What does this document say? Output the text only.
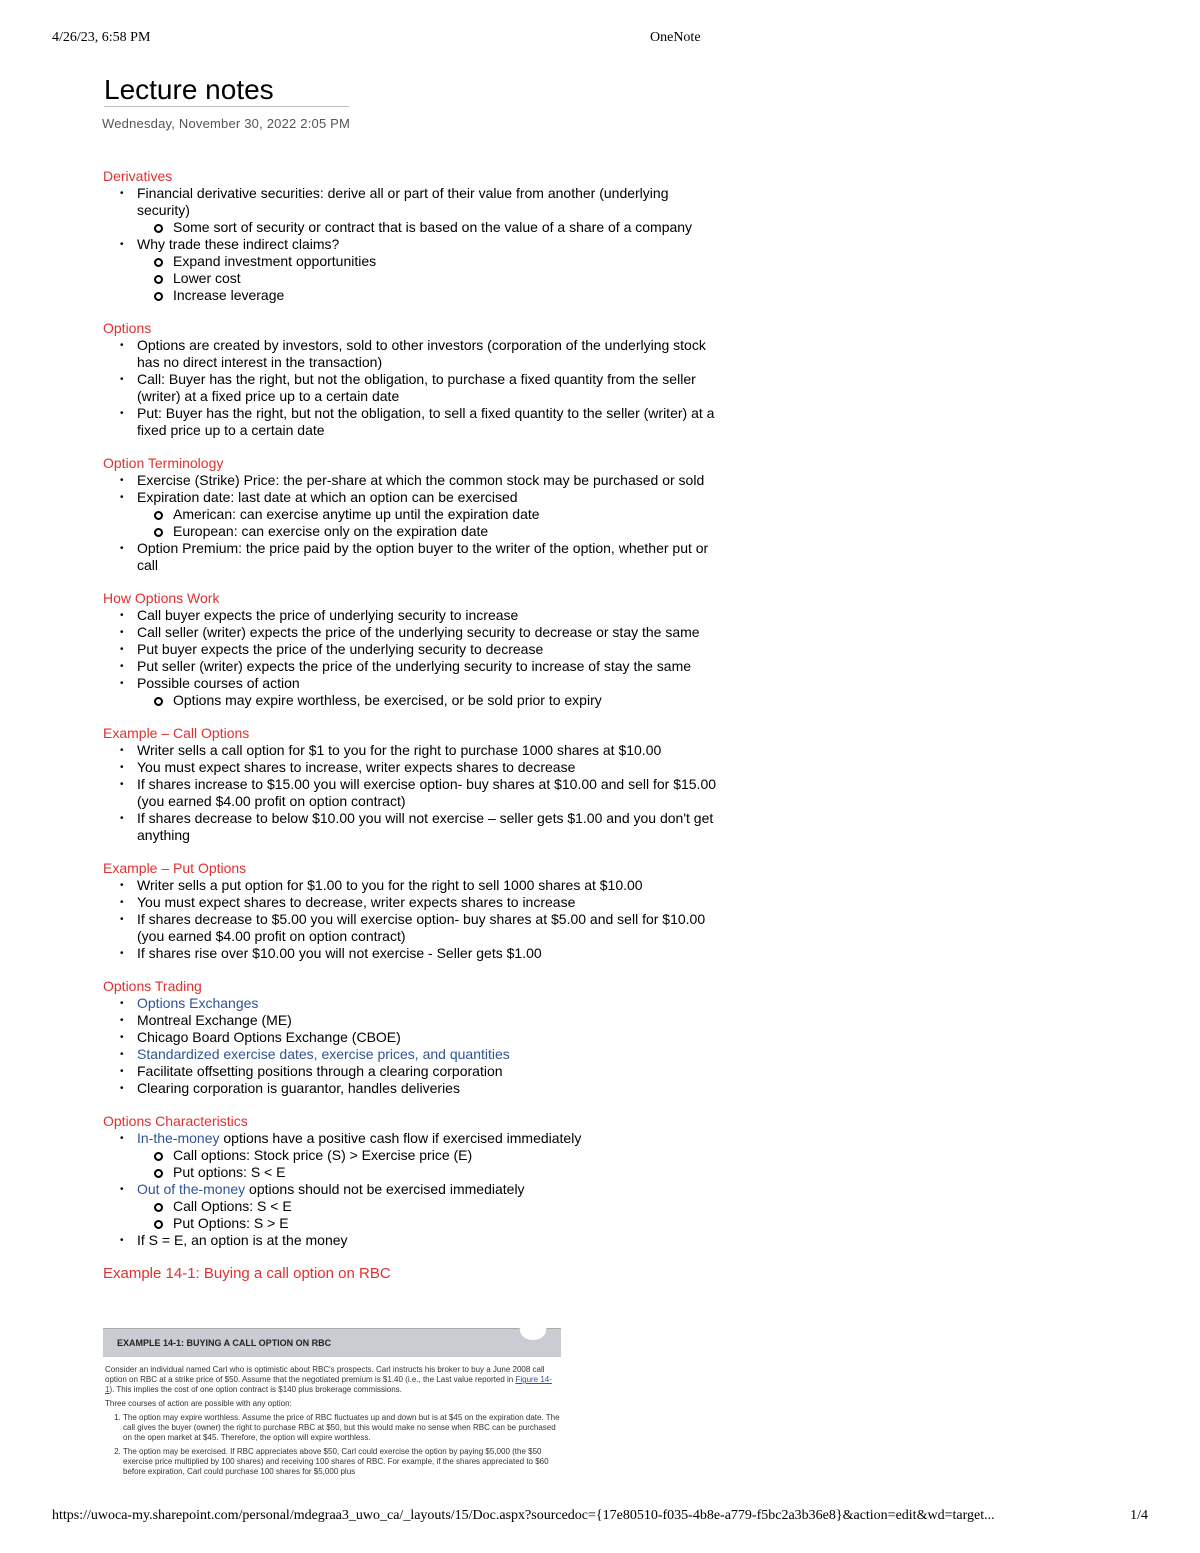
4/26/23, 6:58 PM	OneNote
Lecture notes
Wednesday, November 30, 2022 2:05 PM
Derivatives
• Financial derivative securities: derive all or part of their value from another (underlying security)
Some sort of security or contract that is based on the value of a share of a company
• Why trade these indirect claims?
Expand investment opportunities
Lower cost
Increase leverage
Options
• Options are created by investors, sold to other investors (corporation of the underlying stock has no direct interest in the transaction)
• Call: Buyer has the right, but not the obligation, to purchase a fixed quantity from the seller (writer) at a fixed price up to a certain date
• Put: Buyer has the right, but not the obligation, to sell a fixed quantity to the seller (writer) at a fixed price up to a certain date
Option Terminology
• Exercise (Strike) Price: the per-share at which the common stock may be purchased or sold
• Expiration date: last date at which an option can be exercised
American: can exercise anytime up until the expiration date
European: can exercise only on the expiration date
• Option Premium: the price paid by the option buyer to the writer of the option, whether put or call
How Options Work
• Call buyer expects the price of underlying security to increase
• Call seller (writer) expects the price of the underlying security to decrease or stay the same
• Put buyer expects the price of the underlying security to decrease
• Put seller (writer) expects the price of the underlying security to increase of stay the same
• Possible courses of action
Options may expire worthless, be exercised, or be sold prior to expiry
Example – Call Options
• Writer sells a call option for $1 to you for the right to purchase 1000 shares at $10.00
• You must expect shares to increase, writer expects shares to decrease
• If shares increase to $15.00 you will exercise option- buy shares at $10.00 and sell for $15.00 (you earned $4.00 profit on option contract)
• If shares decrease to below $10.00 you will not exercise – seller gets $1.00 and you don't get anything
Example – Put Options
• Writer sells a put option for $1.00 to you for the right to sell 1000 shares at $10.00
• You must expect shares to decrease, writer expects shares to increase
• If shares decrease to $5.00 you will exercise option- buy shares at $5.00 and sell for $10.00 (you earned $4.00 profit on option contract)
• If shares rise over $10.00 you will not exercise - Seller gets $1.00
Options Trading
• Options Exchanges
• Montreal Exchange (ME)
• Chicago Board Options Exchange (CBOE)
• Standardized exercise dates, exercise prices, and quantities
• Facilitate offsetting positions through a clearing corporation
• Clearing corporation is guarantor, handles deliveries
Options Characteristics
• In-the-money options have a positive cash flow if exercised immediately
Call options: Stock price (S) > Exercise price (E)
Put options: S < E
• Out of the-money options should not be exercised immediately
Call Options: S < E
Put Options: S > E
• If S = E, an option is at the money
Example 14-1: Buying a call option on RBC
EXAMPLE 14-1: BUYING A CALL OPTION ON RBC

Consider an individual named Carl who is optimistic about RBC's prospects. Carl instructs his broker to buy a June 2008 call option on RBC at a strike price of $50. Assume that the negotiated premium is $1.40 (i.e., the Last value reported in Figure 14-1). This implies the cost of one option contract is $140 plus brokerage commissions.

Three courses of action are possible with any option:

1. The option may expire worthless. Assume the price of RBC fluctuates up and down but is at $45 on the expiration date. The call gives the buyer (owner) the right to purchase RBC at $50, but this would make no sense when RBC can be purchased on the open market at $45. Therefore, the option will expire worthless.
2. The option may be exercised. If RBC appreciates above $50, Carl could exercise the option by paying $5,000 (the $50 exercise price multiplied by 100 shares) and receiving 100 shares of RBC. For example, if the shares appreciated to $60 before expiration, Carl could purchase 100 shares for $5,000 plus
https://uwoca-my.sharepoint.com/personal/mdegraa3_uwo_ca/_layouts/15/Doc.aspx?sourcedoc={17e80510-f035-4b8e-a779-f5bc2a3b36e8}&action=edit&wd=target...	1/4
